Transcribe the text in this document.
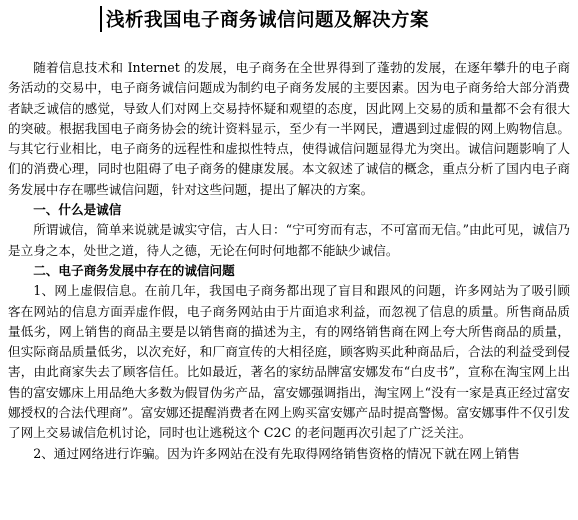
浅析我国电子商务诚信问题及解决方案

随着信息技术和 Internet 的发展，电子商务在全世界得到了蓬勃的发展，在逐年攀升的电子商务活动的交易中，电子商务诚信问题成为制约电子商务发展的主要因素。因为电子商务给大部分消费者缺乏诚信的感觉，导致人们对网上交易持怀疑和观望的态度，因此网上交易的质和量都不会有很大的突破。根据我国电子商务协会的统计资料显示，至少有一半网民，遭遇到过虚假的网上购物信息。与其它行业相比，电子商务的远程性和虚拟性特点，使得诚信问题显得尤为突出。诚信问题影响了人们的消费心理，同时也阻碍了电子商务的健康发展。本文叙述了诚信的概念，重点分析了国内电子商务发展中存在哪些诚信问题，针对这些问题，提出了解决的方案。

一、什么是诚信

所谓诚信，简单来说就是诚实守信，古人日：“宁可穷而有志，不可富而无信。”由此可见，诚信乃是立身之本，处世之道，待人之德，无论在何时何地都不能缺少诚信。

二、电子商务发展中存在的诚信问题

1、网上虚假信息。在前几年，我国电子商务都出现了盲目和跟风的问题，许多网站为了吸引顾客在网站的信息方面弄虚作假，电子商务网站由于片面追求利益，而忽视了信息的质量。所售商品质量低劣，网上销售的商品主要是以销售商的描述为主，有的网络销售商在网上夸大所售商品的质量，但实际商品质量低劣，以次充好，和厂商宣传的大相径庭，顾客购买此种商品后，合法的利益受到侵害，由此商家失去了顾客信任。比如最近，著名的家纺品牌富安娜发布“白皮书”，宣称在淘宝网上出售的富安娜床上用品绝大多数为假冒伪劣产品，富安娜强调指出，淘宝网上“没有一家是真正经过富安娜授权的合法代理商”。富安娜还提醒消费者在网上购买富安娜产品时提高警惕。富安娜事件不仅引发了网上交易诚信危机讨论，同时也让逃税这个 C2C 的老问题再次引起了广泛关注。

2、通过网络进行诈骗。因为许多网站在没有先取得网络销售资格的情况下就在网上销售
